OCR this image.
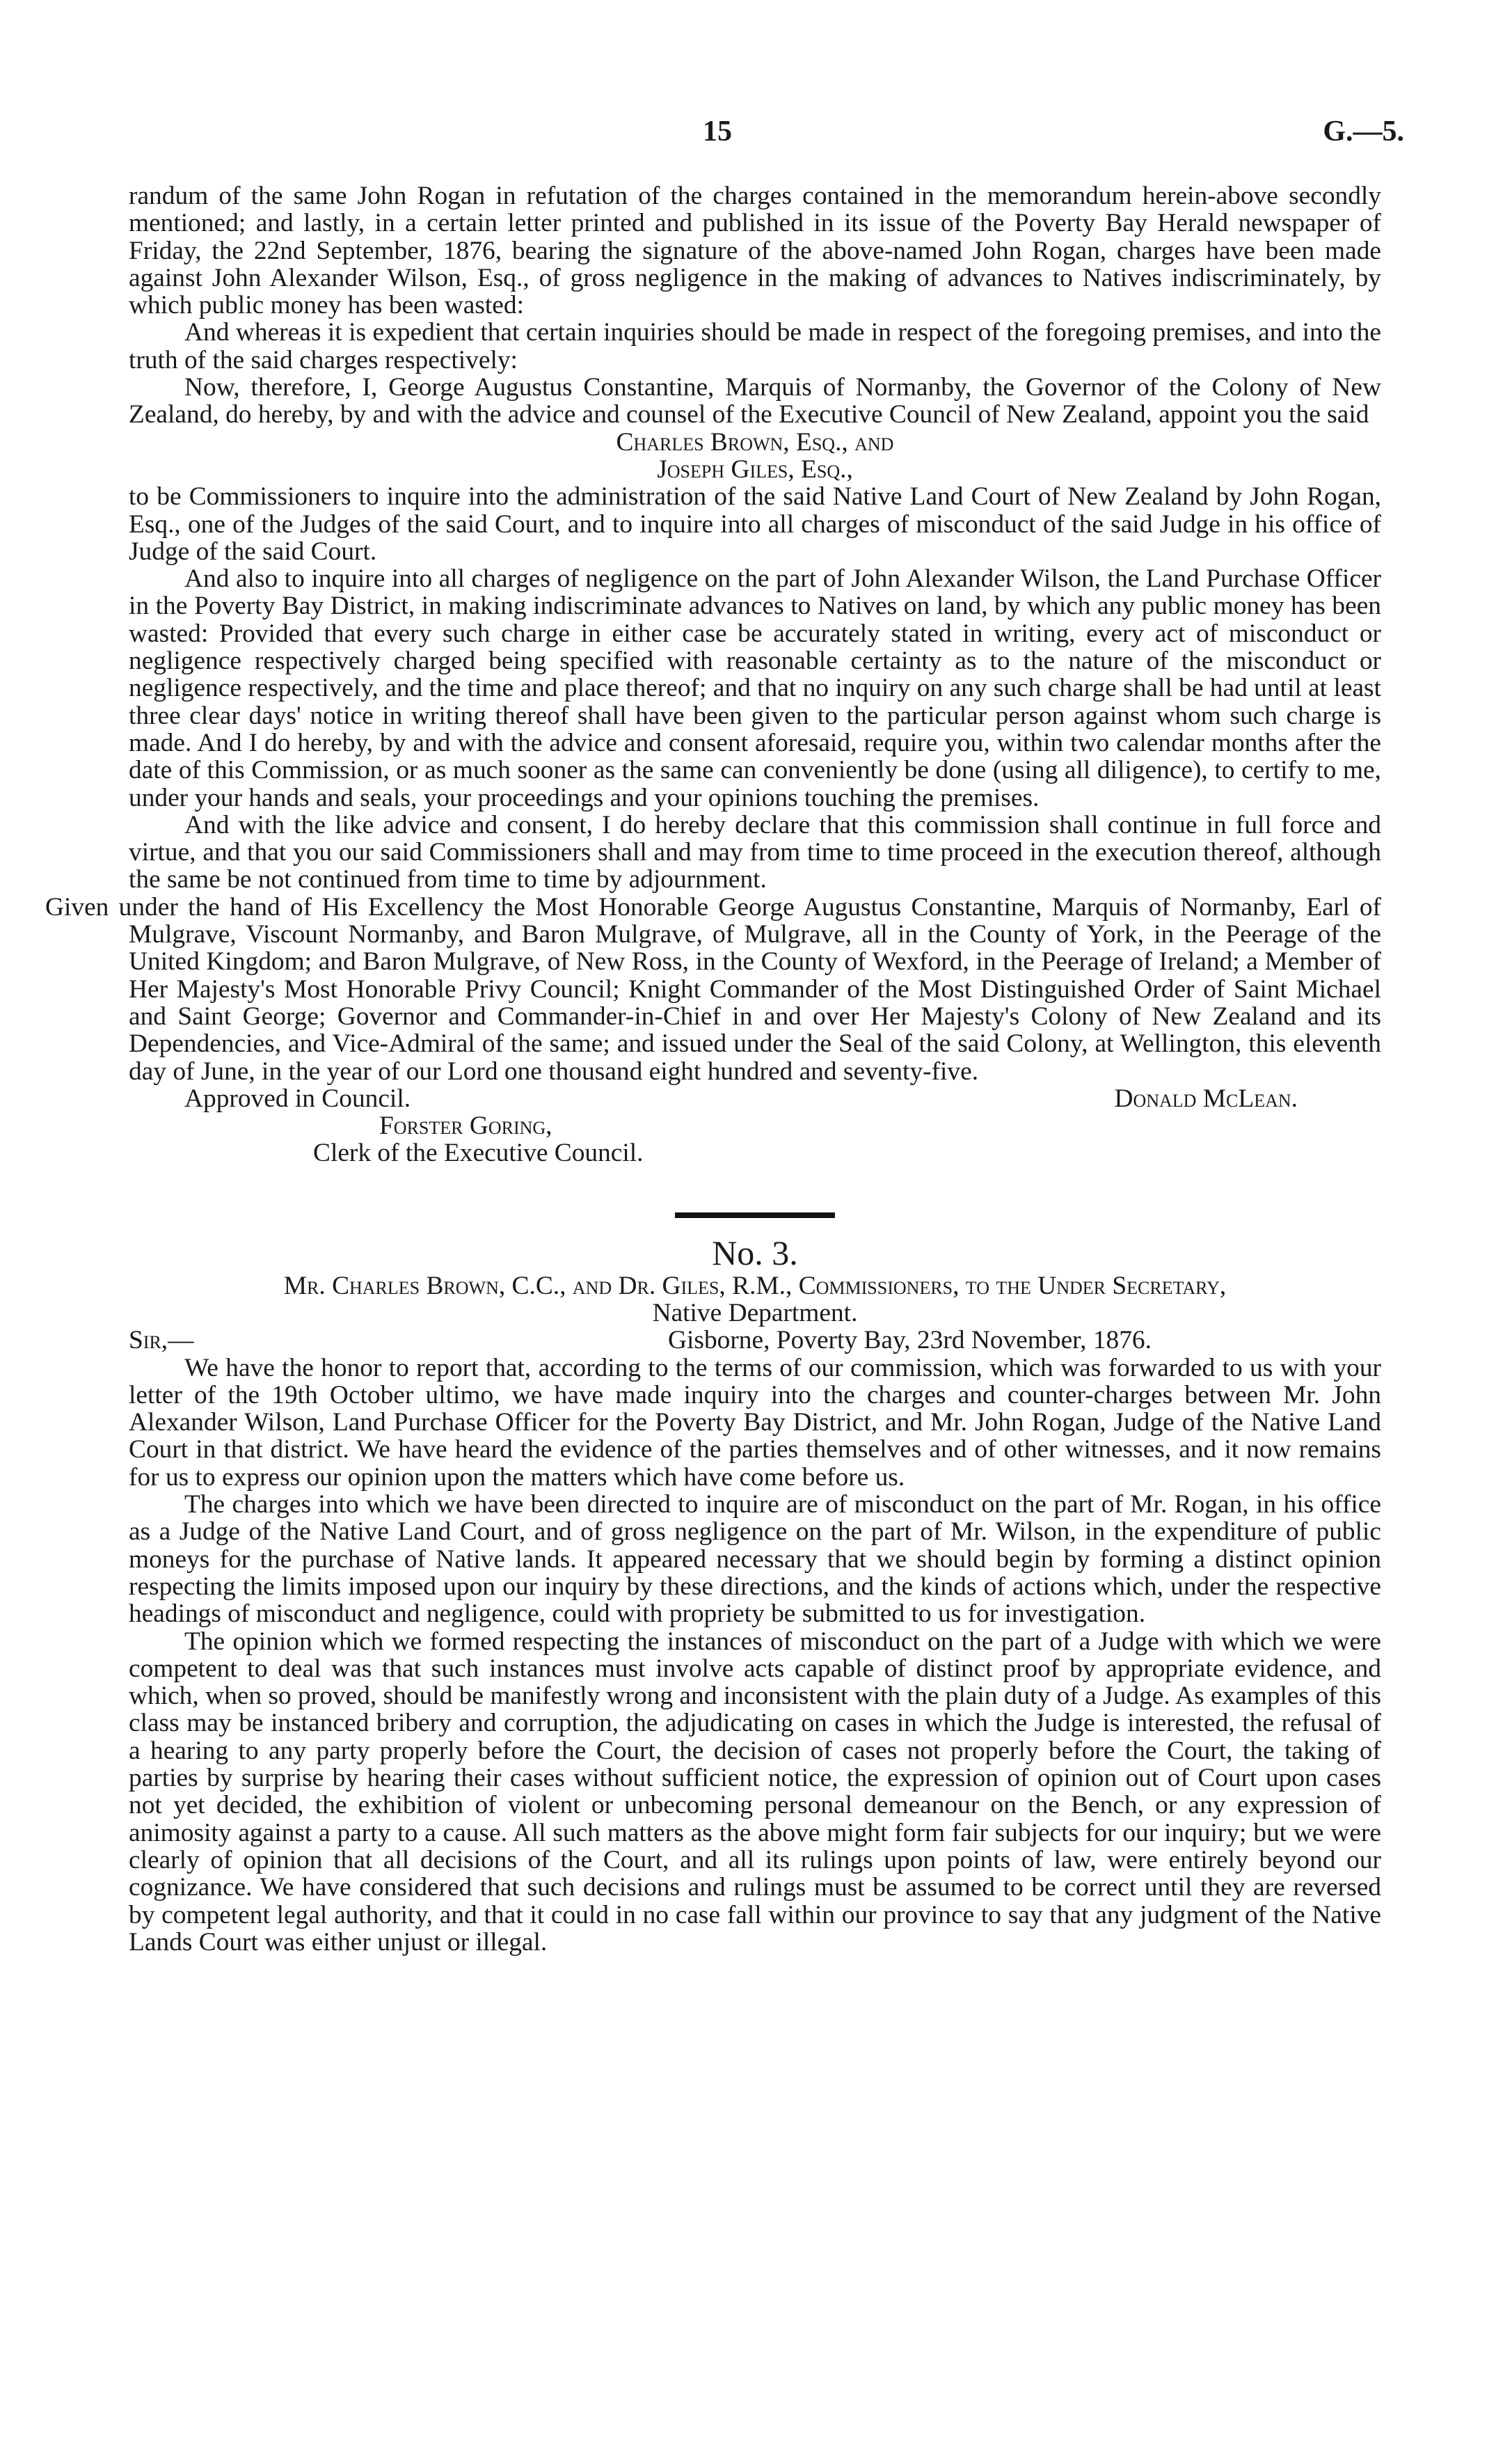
15	G.—5.

randum of the same John Rogan in refutation of the charges contained in the memorandum herein-above secondly mentioned; and lastly, in a certain letter printed and published in its issue of the Poverty Bay Herald newspaper of Friday, the 22nd September, 1876, bearing the signature of the above-named John Rogan, charges have been made against John Alexander Wilson, Esq., of gross negligence in the making of advances to Natives indiscriminately, by which public money has been wasted:

And whereas it is expedient that certain inquiries should be made in respect of the foregoing premises, and into the truth of the said charges respectively:

Now, therefore, I, George Augustus Constantine, Marquis of Normanby, the Governor of the Colony of New Zealand, do hereby, by and with the advice and counsel of the Executive Council of New Zealand, appoint you the said

Charles Brown, Esq., and

Joseph Giles, Esq.,

to be Commissioners to inquire into the administration of the said Native Land Court of New Zealand by John Rogan, Esq., one of the Judges of the said Court, and to inquire into all charges of misconduct of the said Judge in his office of Judge of the said Court.

And also to inquire into all charges of negligence on the part of John Alexander Wilson, the Land Purchase Officer in the Poverty Bay District, in making indiscriminate advances to Natives on land, by which any public money has been wasted: Provided that every such charge in either case be accurately stated in writing, every act of misconduct or negligence respectively charged being specified with reasonable certainty as to the nature of the misconduct or negligence respectively, and the time and place thereof; and that no inquiry on any such charge shall be had until at least three clear days' notice in writing thereof shall have been given to the particular person against whom such charge is made. And I do hereby, by and with the advice and consent aforesaid, require you, within two calendar months after the date of this Commission, or as much sooner as the same can conveniently be done (using all diligence), to certify to me, under your hands and seals, your proceedings and your opinions touching the premises.

And with the like advice and consent, I do hereby declare that this commission shall continue in full force and virtue, and that you our said Commissioners shall and may from time to time proceed in the execution thereof, although the same be not continued from time to time by adjournment.

Given under the hand of His Excellency the Most Honorable George Augustus Constantine, Marquis of Normanby, Earl of Mulgrave, Viscount Normanby, and Baron Mulgrave, of Mulgrave, all in the County of York, in the Peerage of the United Kingdom; and Baron Mulgrave, of New Ross, in the County of Wexford, in the Peerage of Ireland; a Member of Her Majesty's Most Honorable Privy Council; Knight Commander of the Most Distinguished Order of Saint Michael and Saint George; Governor and Commander-in-Chief in and over Her Majesty's Colony of New Zealand and its Dependencies, and Vice-Admiral of the same; and issued under the Seal of the said Colony, at Wellington, this eleventh day of June, in the year of our Lord one thousand eight hundred and seventy-five.

Approved in Council.	Donald McLean.

Forster Goring,

Clerk of the Executive Council.

No. 3.

Mr. Charles Brown, C.C., and Dr. Giles, R.M., Commissioners, to the Under Secretary,

Native Department.

Sir,—	Gisborne, Poverty Bay, 23rd November, 1876.

We have the honor to report that, according to the terms of our commission, which was forwarded to us with your letter of the 19th October ultimo, we have made inquiry into the charges and counter-charges between Mr. John Alexander Wilson, Land Purchase Officer for the Poverty Bay District, and Mr. John Rogan, Judge of the Native Land Court in that district. We have heard the evidence of the parties themselves and of other witnesses, and it now remains for us to express our opinion upon the matters which have come before us.

The charges into which we have been directed to inquire are of misconduct on the part of Mr. Rogan, in his office as a Judge of the Native Land Court, and of gross negligence on the part of Mr. Wilson, in the expenditure of public moneys for the purchase of Native lands. It appeared necessary that we should begin by forming a distinct opinion respecting the limits imposed upon our inquiry by these directions, and the kinds of actions which, under the respective headings of misconduct and negligence, could with propriety be submitted to us for investigation.

The opinion which we formed respecting the instances of misconduct on the part of a Judge with which we were competent to deal was that such instances must involve acts capable of distinct proof by appropriate evidence, and which, when so proved, should be manifestly wrong and inconsistent with the plain duty of a Judge. As examples of this class may be instanced bribery and corruption, the adjudicating on cases in which the Judge is interested, the refusal of a hearing to any party properly before the Court, the decision of cases not properly before the Court, the taking of parties by surprise by hearing their cases without sufficient notice, the expression of opinion out of Court upon cases not yet decided, the exhibition of violent or unbecoming personal demeanour on the Bench, or any expression of animosity against a party to a cause. All such matters as the above might form fair subjects for our inquiry; but we were clearly of opinion that all decisions of the Court, and all its rulings upon points of law, were entirely beyond our cognizance. We have considered that such decisions and rulings must be assumed to be correct until they are reversed by competent legal authority, and that it could in no case fall within our province to say that any judgment of the Native Lands Court was either unjust or illegal.
